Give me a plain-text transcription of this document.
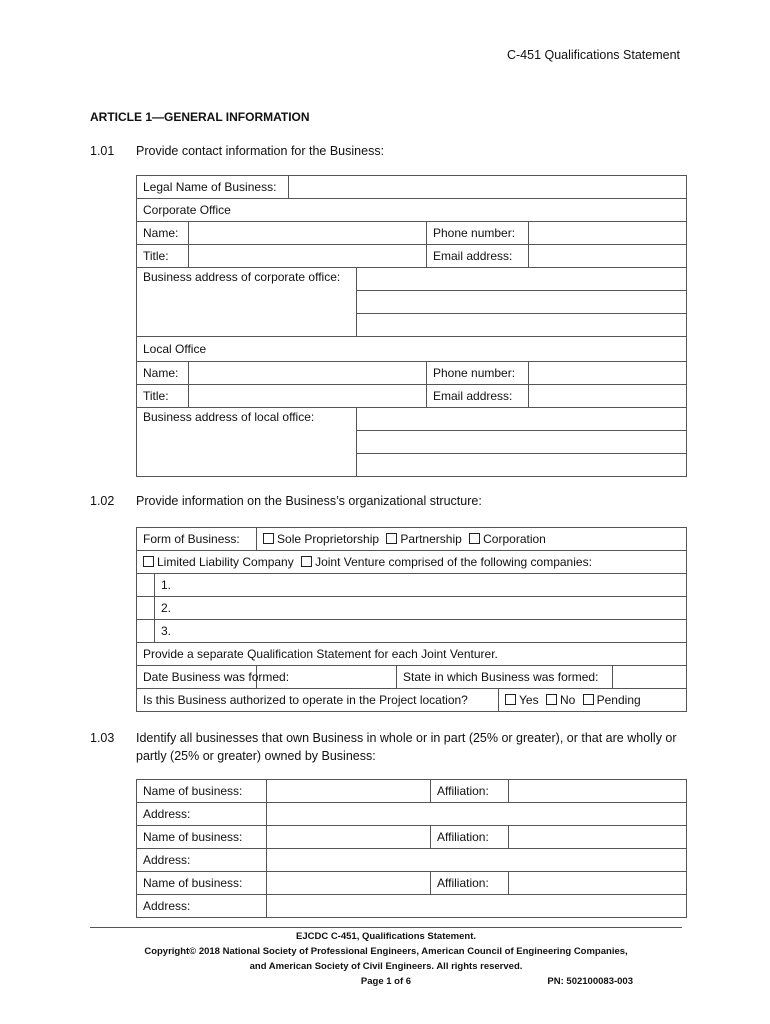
C-451 Qualifications Statement
ARTICLE 1—GENERAL INFORMATION
1.01 Provide contact information for the Business:
Legal Name of Business:					
Corporate Office					
Name:				Phone number:	
Title:				Email address:	
Business address of corporate office:					

Local Office					
Name:				Phone number:	
Title:				Email address:	
Business address of local office:					

1.02 Provide information on the Business’s organizational structure:
Form of Business:		Sole Proprietorship Partnership Corporation			
Limited Liability Company Joint Venture comprised of the following companies:					
	1.				
	2.				
	3.				
Provide a separate Qualification Statement for each Joint Venturer.					
Date Business was formed:			State in which Business was formed:		
Is this Business authorized to operate in the Project location?				Yes No Pending	
1.03 Identify all businesses that own Business in whole or in part (25% or greater), or that are wholly or partly (25% or greater) owned by Business:
Name of business:		Affiliation:	
Address:			
Name of business:		Affiliation:	
Address:			
Name of business:		Affiliation:	
Address:			
EJCDC C-451, Qualifications Statement.
Copyright© 2018 National Society of Professional Engineers, American Council of Engineering Companies,
and American Society of Civil Engineers. All rights reserved.
Page 1 of 6	PN: 502100083-003
